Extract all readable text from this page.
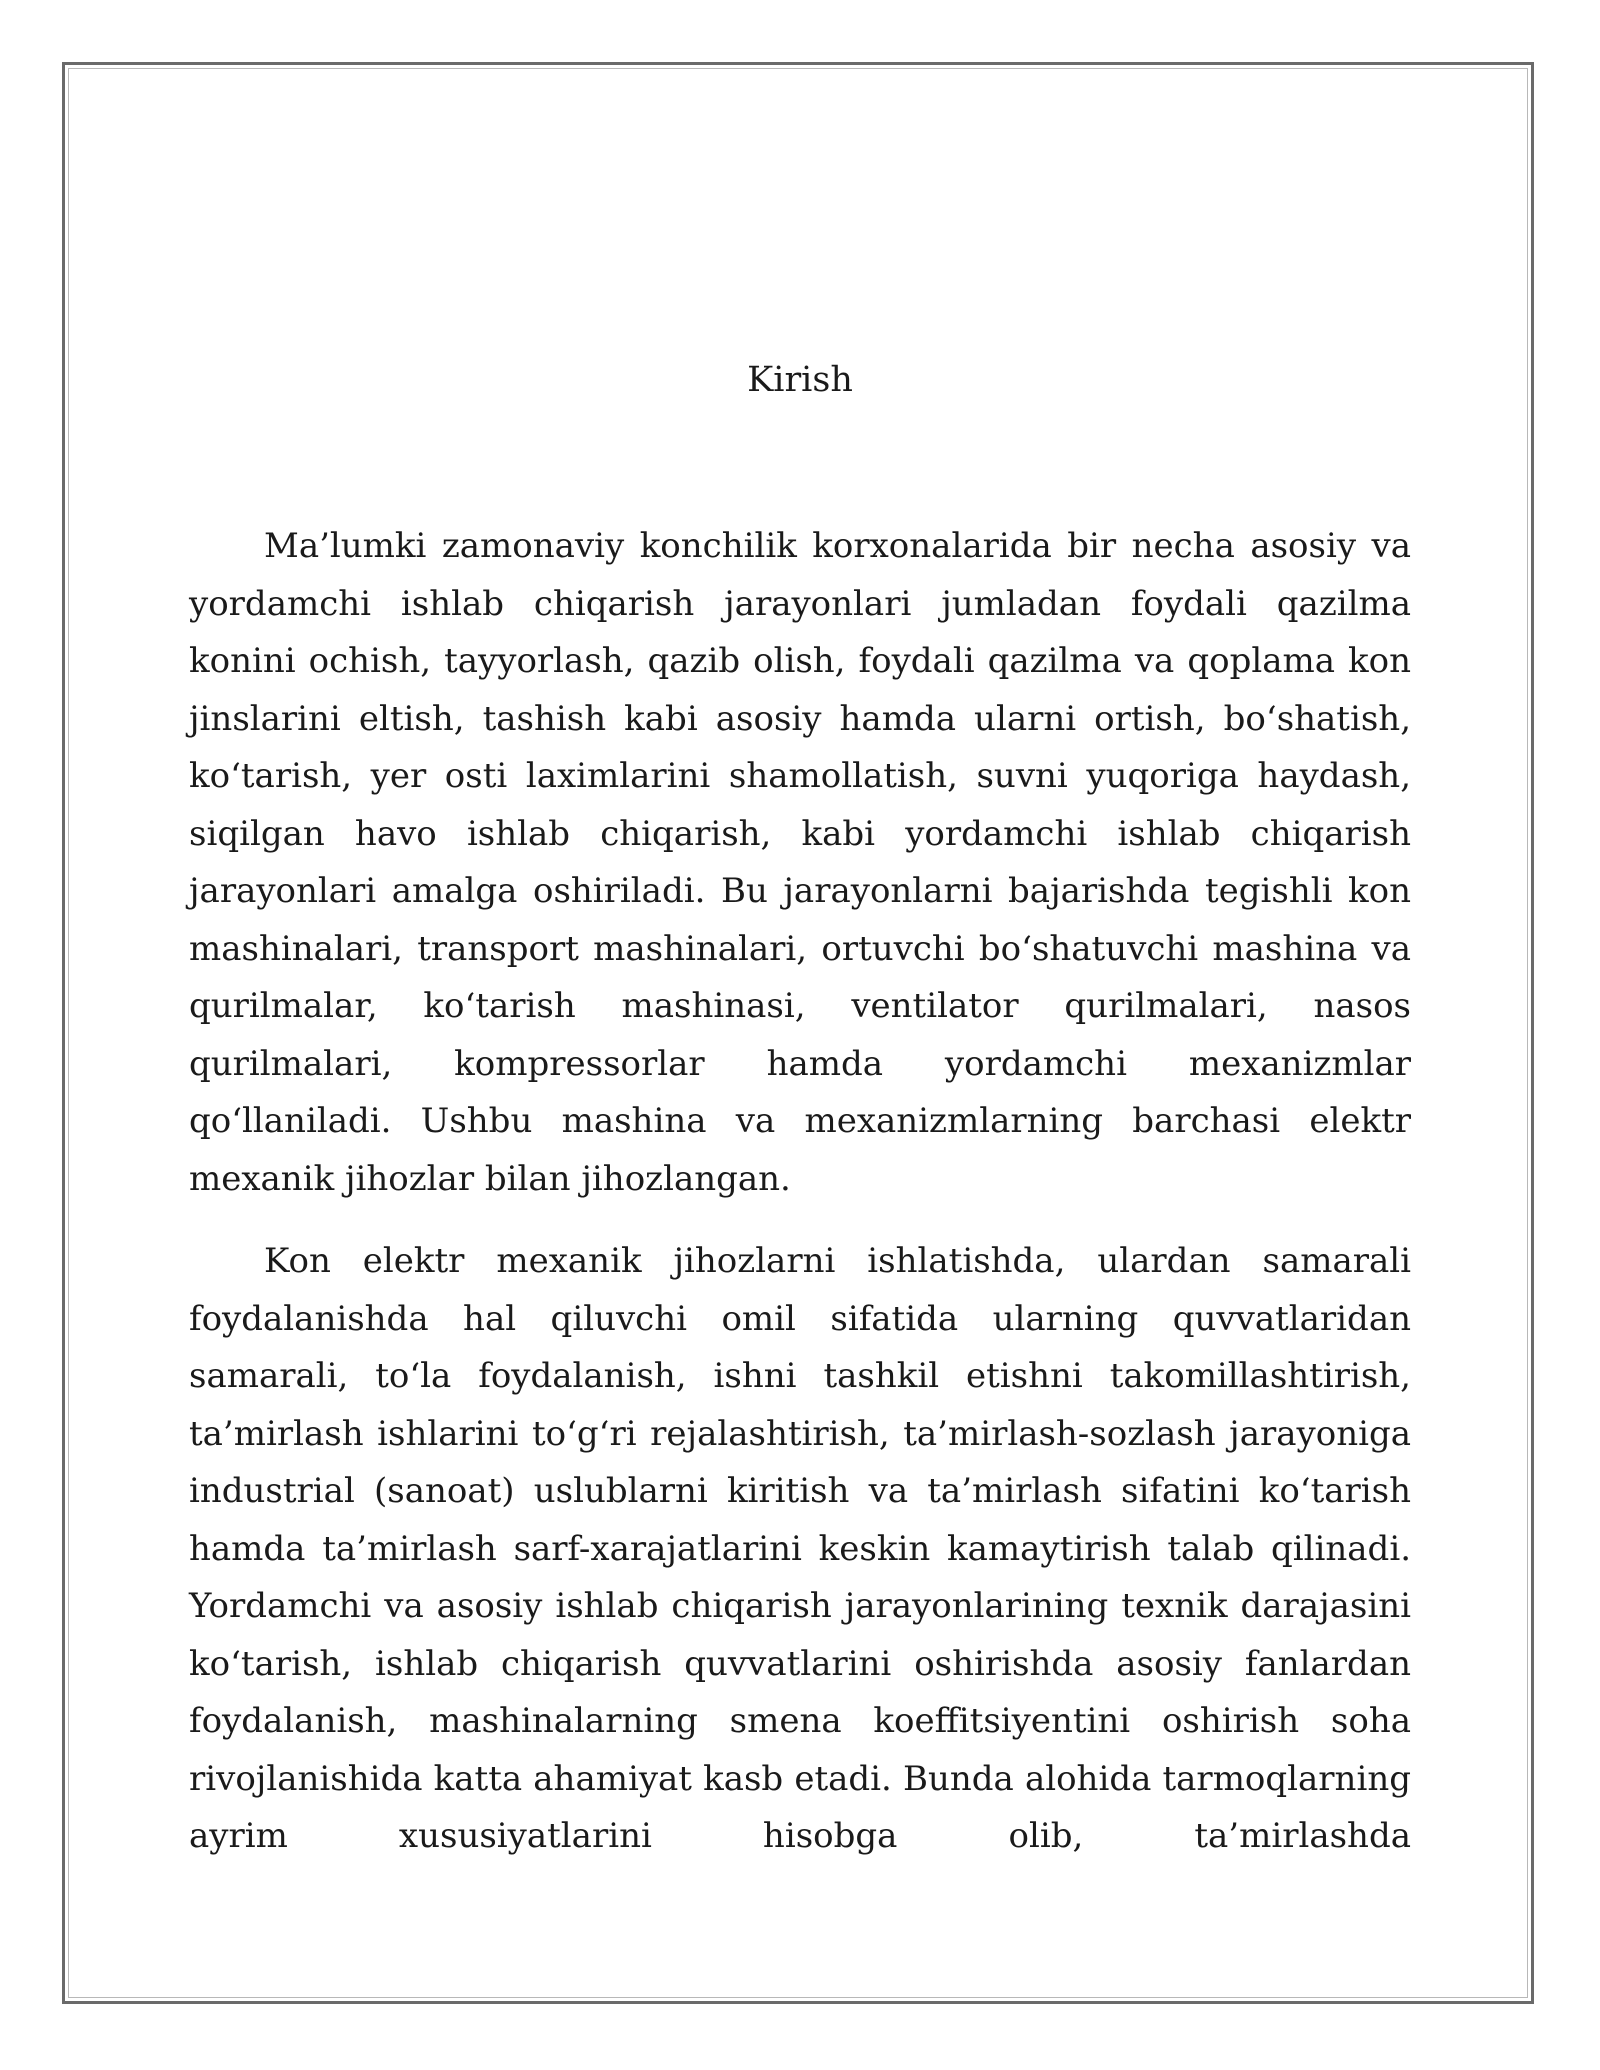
Kirish

Ma’lumki zamonaviy konchilik korxonalarida bir necha asosiy va yordamchi ishlab chiqarish jarayonlari jumladan foydali qazilma konini ochish, tayyorlash, qazib olish, foydali qazilma va qoplama kon jinslarini eltish, tashish kabi asosiy hamda ularni ortish, bo‘shatish, ko‘tarish, yer osti laximlarini shamollatish, suvni yuqoriga haydash, siqilgan havo ishlab chiqarish, kabi yordamchi ishlab chiqarish jarayonlari amalga oshiriladi. Bu jarayonlarni bajarishda tegishli kon mashinalari, transport mashinalari, ortuvchi bo‘shatuvchi mashina va qurilmalar, ko‘tarish mashinasi, ventilator qurilmalari, nasos qurilmalari, kompressorlar hamda yordamchi mexanizmlar qo‘llaniladi. Ushbu mashina va mexanizmlarning barchasi elektr mexanik jihozlar bilan jihozlangan.

Kon elektr mexanik jihozlarni ishlatishda, ulardan samarali foydalanishda hal qiluvchi omil sifatida ularning quvvatlaridan samarali, to‘la foydalanish, ishni tashkil etishni takomillashtirish, ta’mirlash ishlarini to‘g‘ri rejalashtirish, ta’mirlash-sozlash jarayoniga industrial (sanoat) uslublarni kiritish va ta’mirlash sifatini ko‘tarish hamda ta’mirlash sarf-xarajatlarini keskin kamaytirish talab qilinadi. Yordamchi va asosiy ishlab chiqarish jarayonlarining texnik darajasini ko‘tarish, ishlab chiqarish quvvatlarini oshirishda asosiy fanlardan foydalanish, mashinalarning smena koeffitsiyentini oshirish soha rivojlanishida katta ahamiyat kasb etadi. Bunda alohida tarmoqlarning ayrim xususiyatlarini hisobga olib, ta’mirlashda
